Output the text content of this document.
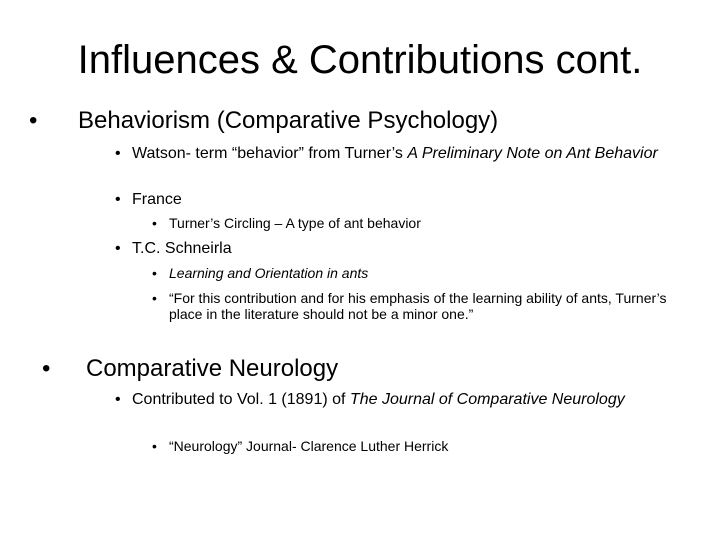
Influences & Contributions cont.
• Behaviorism (Comparative Psychology)
• Watson- term “behavior” from Turner’s A Preliminary Note on Ant Behavior
• France
• Turner’s Circling – A type of ant behavior
• T.C. Schneirla
• Learning and Orientation in ants
• “For this contribution and for his emphasis of the learning ability of ants, Turner’s place in the literature should not be a minor one.”
• Comparative Neurology
• Contributed to Vol. 1 (1891) of The Journal of Comparative Neurology
• “Neurology” Journal- Clarence Luther Herrick
